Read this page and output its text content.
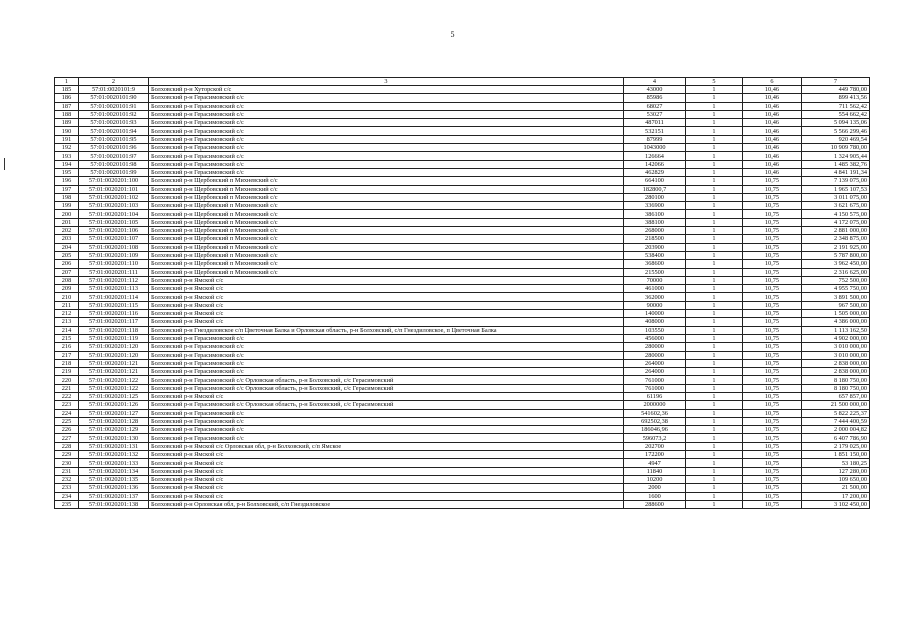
5
1	2	3	4	5	6	7
185	57:01:0020101:9	Болховский р-н Хуторской с/с	43000	1	10,46	449 780,00
186	57:01:0020101:90	Болховский р-н Герасимовский с/с	85986	1	10,46	899 413,56
187	57:01:0020101:91	Болховский р-н Герасимовский с/с	68027	1	10,46	711 562,42
188	57:01:0020101:92	Болховский р-н Герасимовский с/с	53027	1	10,46	554 662,42
189	57:01:0020101:93	Болховский р-н Герасимовский с/с	487011	1	10,46	5 094 135,06
190	57:01:0020101:94	Болховский р-н Герасимовский с/с	532151	1	10,46	5 566 299,46
191	57:01:0020101:95	Болховский р-н Герасимовский с/с	87999	1	10,46	920 469,54
192	57:01:0020101:96	Болховский р-н Герасимовский с/с	1043000	1	10,46	10 909 780,00
193	57:01:0020101:97	Болховский р-н Герасимовский с/с	126664	1	10,46	1 324 905,44
194	57:01:0020101:98	Болховский р-н Герасимовский с/с	142066	1	10,46	1 485 382,76
195	57:01:0020101:99	Болховский р-н Герасимовский с/с	462829	1	10,46	4 841 191,34
196	57:01:0020201:100	Болховский р-н Щербовский п Михневский с/с	664100	1	10,75	7 139 075,00
197	57:01:0020201:101	Болховский р-н Щербовский п Михневский с/с	182800,7	1	10,75	1 965 107,53
198	57:01:0020201:102	Болховский р-н Щербовский п Михневский с/с	280100	1	10,75	3 011 075,00
199	57:01:0020201:103	Болховский р-н Щербовский п Михневский с/с	336900	1	10,75	3 621 675,00
200	57:01:0020201:104	Болховский р-н Щербовский п Михневский с/с	386100	1	10,75	4 150 575,00
201	57:01:0020201:105	Болховский р-н Щербовский п Михневский с/с	388100	1	10,75	4 172 075,00
202	57:01:0020201:106	Болховский р-н Щербовский п Михневский с/с	268000	1	10,75	2 881 000,00
203	57:01:0020201:107	Болховский р-н Щербовский п Михневский с/с	218500	1	10,75	2 348 875,00
204	57:01:0020201:108	Болховский р-н Щербовский п Михневский с/с	203900	1	10,75	2 191 925,00
205	57:01:0020201:109	Болховский р-н Щербовский п Михневский с/с	538400	1	10,75	5 787 800,00
206	57:01:0020201:110	Болховский р-н Щербовский п Михневский с/с	368600	1	10,75	3 962 450,00
207	57:01:0020201:111	Болховский р-н Щербовский п Михневский с/с	215500	1	10,75	2 316 625,00
208	57:01:0020201:112	Болховский р-н Ямской с/с	70000	1	10,75	752 500,00
209	57:01:0020201:113	Болховский р-н Ямской с/с	461000	1	10,75	4 955 750,00
210	57:01:0020201:114	Болховский р-н Ямской с/с	362000	1	10,75	3 891 500,00
211	57:01:0020201:115	Болховский р-н Ямской с/с	90000	1	10,75	967 500,00
212	57:01:0020201:116	Болховский р-н Ямской с/с	140000	1	10,75	1 505 000,00
213	57:01:0020201:117	Болховский р-н Ямской с/с	408000	1	10,75	4 386 000,00
214	57:01:0020201:118	Болховский р-н Гнездиловское с/п Цветочная Балка и Орловская область, р-н Болховский, с/п Гнездиловское, п Цветочная Балка	103550	1	10,75	1 113 162,50
215	57:01:0020201:119	Болховский р-н Герасимовский с/с	456000	1	10,75	4 902 000,00
216	57:01:0020201:120	Болховский р-н Герасимовский с/с	280000	1	10,75	3 010 000,00
217	57:01:0020201:120	Болховский р-н Герасимовский с/с	280000	1	10,75	3 010 000,00
218	57:01:0020201:121	Болховский р-н Герасимовский с/с	264000	1	10,75	2 838 000,00
219	57:01:0020201:121	Болховский р-н Герасимовский с/с	264000	1	10,75	2 838 000,00
220	57:01:0020201:122	Болховский р-н Герасимовский с/с Орловская область, р-н Болховский, с/с Герасимовский	761000	1	10,75	8 180 750,00
221	57:01:0020201:122	Болховский р-н Герасимовский с/с Орловская область, р-н Болховский, с/с Герасимовский	761000	1	10,75	8 180 750,00
222	57:01:0020201:125	Болховский р-н Ямской с/с	61196	1	10,75	657 857,00
223	57:01:0020201:126	Болховский р-н Герасимовский с/с Орловская область, р-н Болховский, с/с Герасимовский	2000000	1	10,75	21 500 000,00
224	57:01:0020201:127	Болховский р-н Герасимовский с/с	541602,36	1	10,75	5 822 225,37
225	57:01:0020201:128	Болховский р-н Герасимовский с/с	692502,38	1	10,75	7 444 400,59
226	57:01:0020201:129	Болховский р-н Герасимовский с/с	186046,96	1	10,75	2 000 004,82
227	57:01:0020201:130	Болховский р-н Герасимовский с/с	596073,2	1	10,75	6 407 786,90
228	57:01:0020201:131	Болховский р-н Ямской с/с Орловская обл, р-н Болховский, с/п Ямское	202700	1	10,75	2 179 025,00
229	57:01:0020201:132	Болховский р-н Ямской с/с	172200	1	10,75	1 851 150,00
230	57:01:0020201:133	Болховский р-н Ямской с/с	4947	1	10,75	53 180,25
231	57:01:0020201:134	Болховский р-н Ямской с/с	11840	1	10,75	127 280,00
232	57:01:0020201:135	Болховский р-н Ямской с/с	10200	1	10,75	109 650,00
233	57:01:0020201:136	Болховский р-н Ямской с/с	2000	1	10,75	21 500,00
234	57:01:0020201:137	Болховский р-н Ямской с/с	1600	1	10,75	17 200,00
235	57:01:0020201:138	Болховский р-н Орловская обл, р-н Болховский, с/п Гнездиловское	288600	1	10,75	3 102 450,00
